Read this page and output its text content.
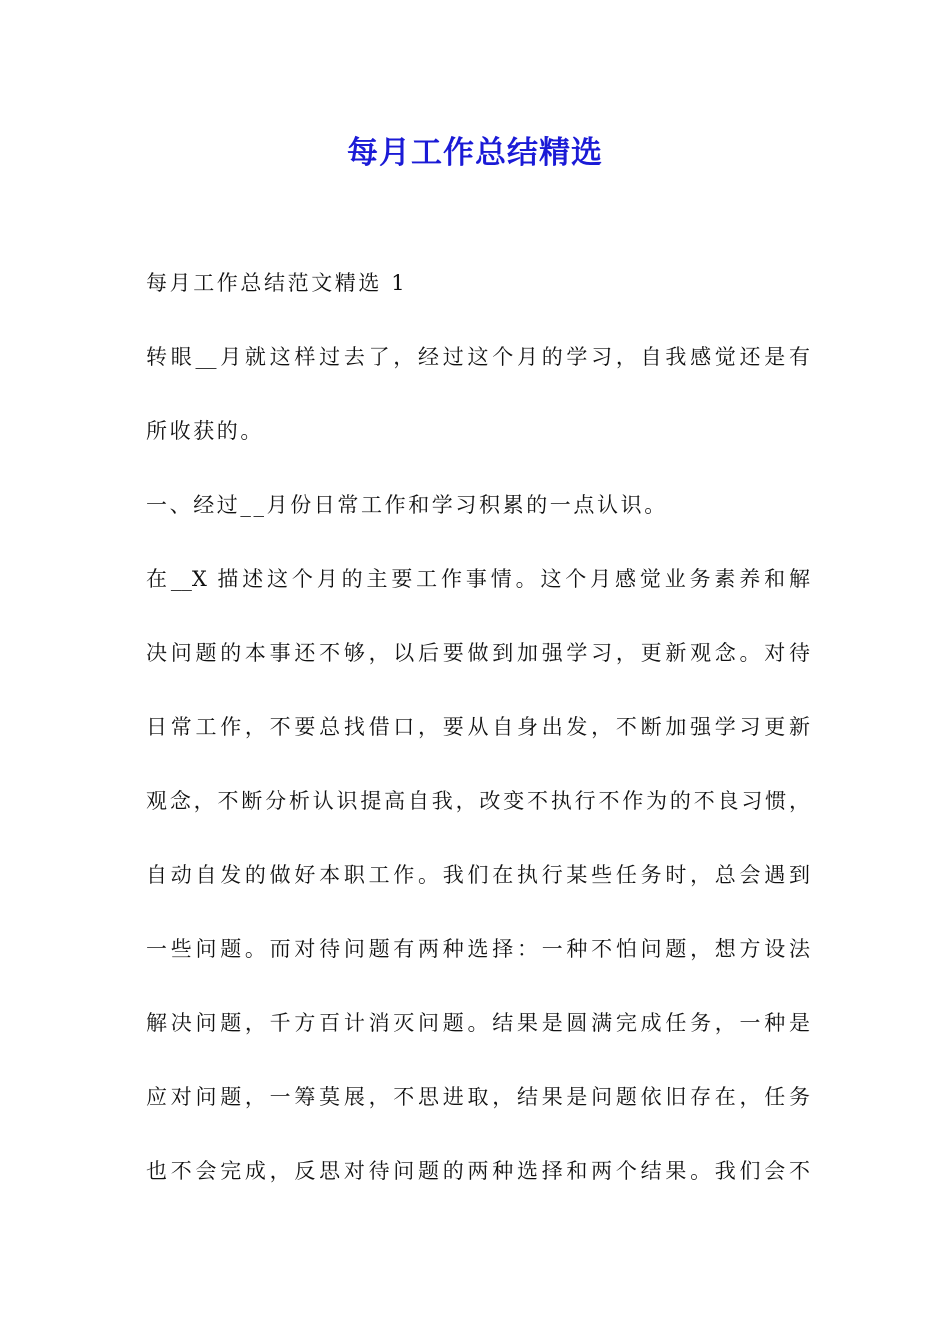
每月工作总结精选
每月工作总结范文精选 1
转眼__月就这样过去了，经过这个月的学习，自我感觉还是有
所收获的。
一、经过__月份日常工作和学习积累的一点认识。
在__X 描述这个月的主要工作事情。这个月感觉业务素养和解
决问题的本事还不够，以后要做到加强学习，更新观念。对待
日常工作，不要总找借口，要从自身出发，不断加强学习更新
观念，不断分析认识提高自我，改变不执行不作为的不良习惯，
自动自发的做好本职工作。我们在执行某些任务时，总会遇到
一些问题。而对待问题有两种选择：一种不怕问题，想方设法
解决问题，千方百计消灭问题。结果是圆满完成任务，一种是
应对问题，一筹莫展，不思进取，结果是问题依旧存在，任务
也不会完成，反思对待问题的两种选择和两个结果。我们会不
